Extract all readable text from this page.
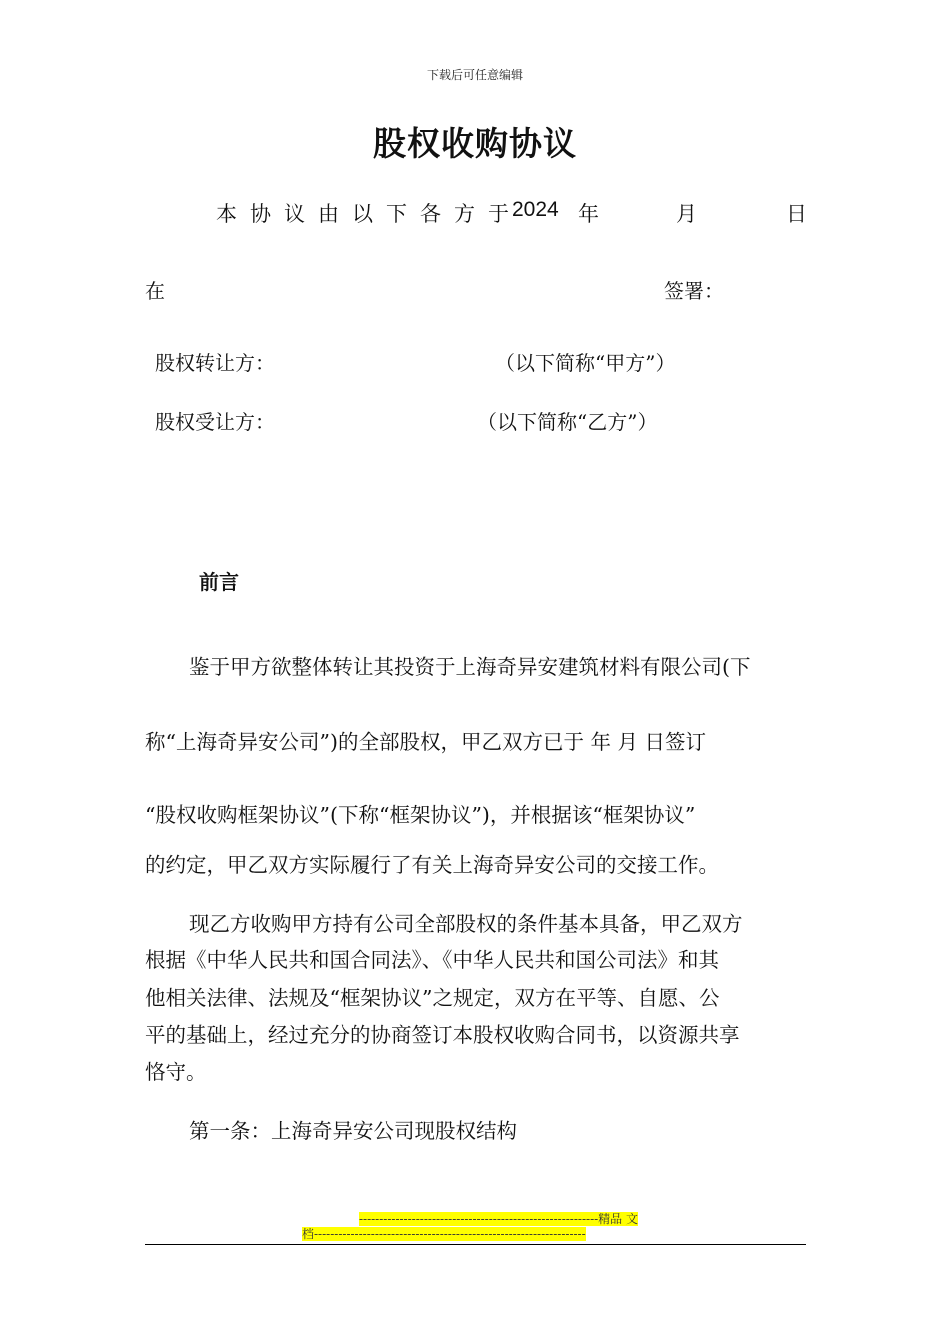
下载后可任意编辑
股权收购协议
本协议由以下各方于
2024 年	月	日
在	签署：
股权转让方：	（以下简称“甲方”）
股权受让方：	（以下简称“乙方”）
前言
鉴于甲方欲整体转让其投资于上海奇异安建筑材料有限公司(下
称“上海奇异安公司”)的全部股权，甲乙双方已于 年 月 日签订
“股权收购框架协议”(下称“框架协议”)，并根据该“框架协议”
的约定，甲乙双方实际履行了有关上海奇异安公司的交接工作。
现乙方收购甲方持有公司全部股权的条件基本具备，甲乙双方
根据《中华人民共和国合同法》、《中华人民共和国公司法》和其
他相关法律、法规及“框架协议”之规定，双方在平等、自愿、公
平的基础上，经过充分的协商签订本股权收购合同书，以资源共享
恪守。
第一条：上海奇异安公司现股权结构
-----------------------------------------------------------精品 文
档-------------------------------------------------------------------
